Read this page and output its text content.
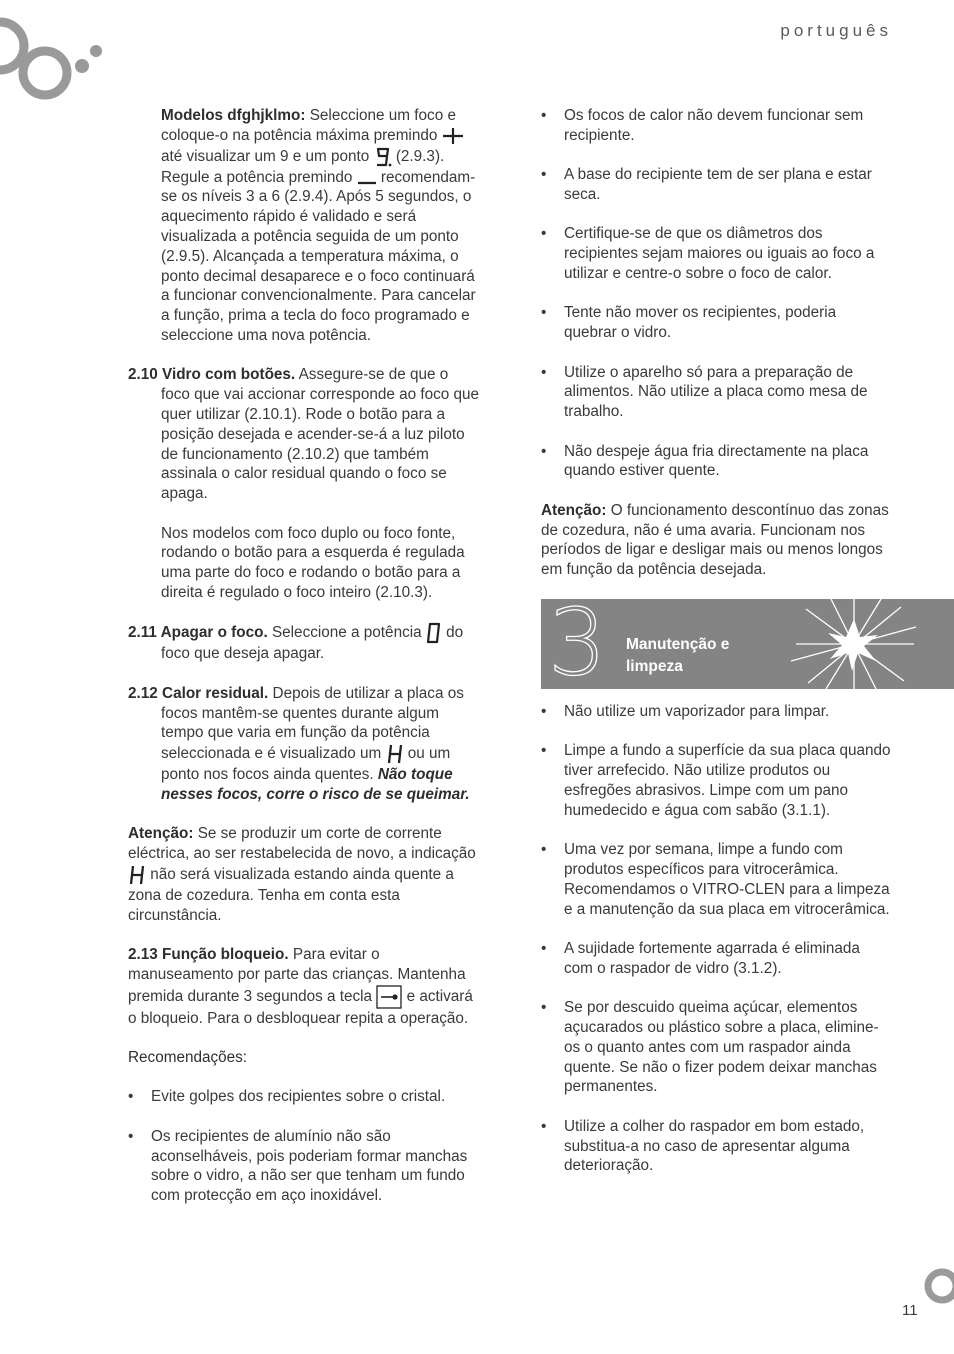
português

Modelos dfghjklmo: Seleccione um foco e coloque-o na potência máxima premindo  até visualizar um 9 e um ponto  (2.9.3). Regule a potência premindo  recomendam-se os níveis 3 a 6 (2.9.4). Após 5 segundos, o aquecimento rápido é validado e será visualizada a potência seguida de um ponto (2.9.5). Alcançada a temperatura máxima, o ponto decimal desaparece e o foco continuará a funcionar convencionalmente. Para cancelar a função, prima a tecla do foco programado e seleccione uma nova potência.

2.10 Vidro com botões. Assegure-se de que o foco que vai accionar corresponde ao foco que quer utilizar (2.10.1). Rode o botão para a posição desejada e acender-se-á a luz piloto de funcionamento (2.10.2) que também assinala o calor residual quando o foco se apaga.

Nos modelos com foco duplo ou foco fonte, rodando o botão para a esquerda é regulada uma parte do foco e rodando o botão para a direita é regulado o foco inteiro (2.10.3).

2.11 Apagar o foco. Seleccione a potência  do foco que deseja apagar.

2.12 Calor residual. Depois de utilizar a placa os focos mantêm-se quentes durante algum tempo que varia em função da potência seleccionada e é visualizado um  ou um ponto nos focos ainda quentes. Não toque nesses focos, corre o risco de se queimar.

Atenção: Se se produzir um corte de corrente eléctrica, ao ser restabelecida de novo, a indicação  não será visualizada estando ainda quente a zona de cozedura. Tenha em conta esta circunstância.

2.13 Função bloqueio. Para evitar o manuseamento por parte das crianças. Mantenha premida durante 3 segundos a tecla  e activará o bloqueio. Para o desbloquear repita a operação.

Recomendações:

• Evite golpes dos recipientes sobre o cristal.
• Os recipientes de alumínio não são aconselháveis, pois poderiam formar manchas sobre o vidro, a não ser que tenham um fundo com protecção em aço inoxidável.
• Os focos de calor não devem funcionar sem recipiente.
• A base do recipiente tem de ser plana e estar seca.
• Certifique-se de que os diâmetros dos recipientes sejam maiores ou iguais ao foco a utilizar e centre-o sobre o foco de calor.
• Tente não mover os recipientes, poderia quebrar o vidro.
• Utilize o aparelho só para a preparação de alimentos. Não utilize a placa como mesa de trabalho.
• Não despeje água fria directamente na placa quando estiver quente.

Atenção: O funcionamento descontínuo das zonas de cozedura, não é uma avaria. Funcionam nos períodos de ligar e desligar mais ou menos longos em função da potência desejada.

3 Manutenção e
limpeza
• Não utilize um vaporizador para limpar.
• Limpe a fundo a superfície da sua placa quando tiver arrefecido. Não utilize produtos ou esfregões abrasivos. Limpe com um pano humedecido e água com sabão (3.1.1).
• Uma vez por semana, limpe a fundo com produtos específicos para vitrocerâmica. Recomendamos o VITRO-CLEN para a limpeza e a manutenção da sua placa em vitrocerâmica.
• A sujidade fortemente agarrada é eliminada com o raspador de vidro (3.1.2).
• Se por descuido queima açúcar, elementos açucarados ou plástico sobre a placa, elimine-os o quanto antes com um raspador ainda quente. Se não o fizer podem deixar manchas permanentes.
• Utilize a colher do raspador em bom estado, substitua-a no caso de apresentar alguma deterioração.
11
